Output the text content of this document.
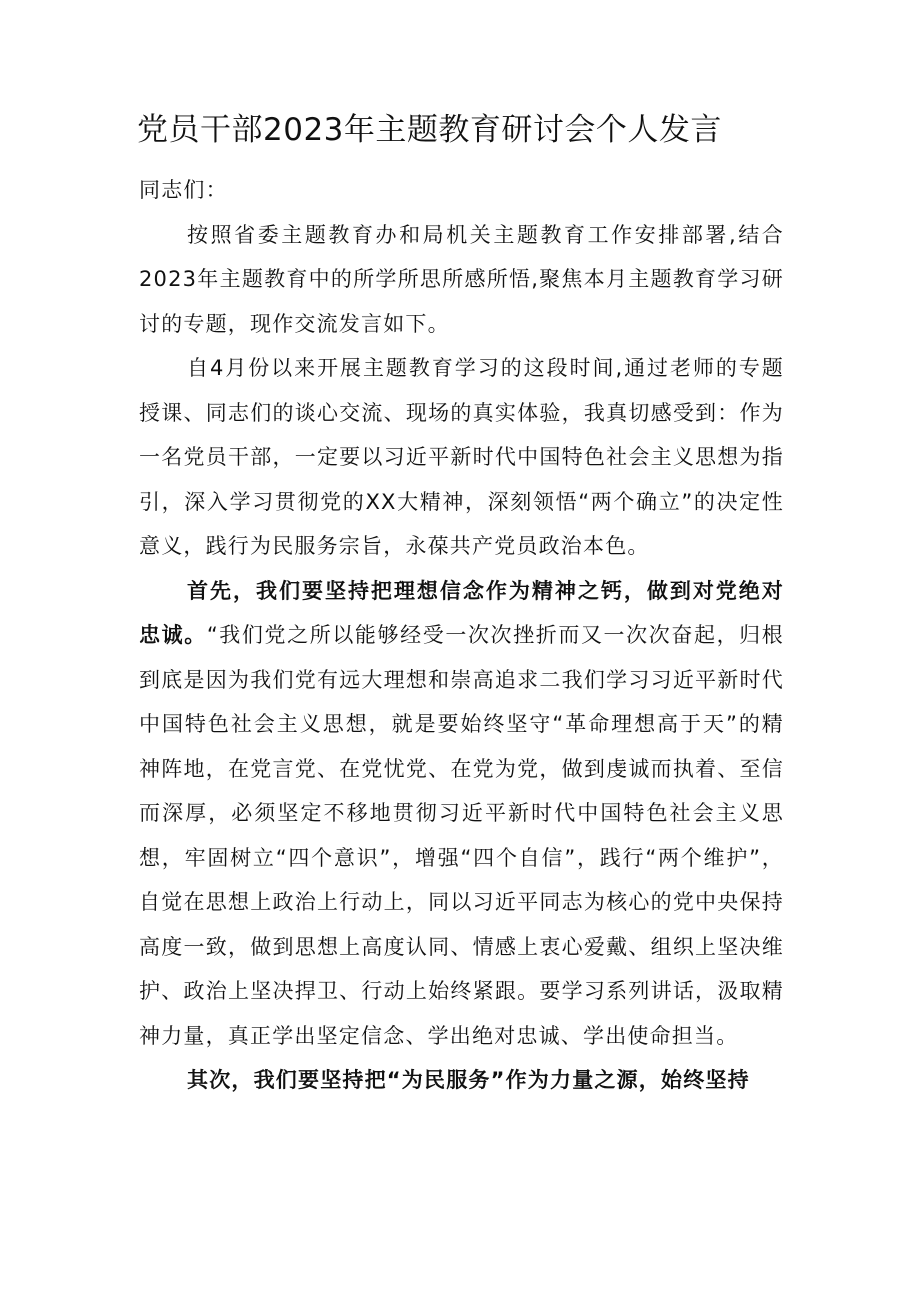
党员干部2023年主题教育研讨会个人发言

同志们：

按照省委主题教育办和局机关主题教育工作安排部署,结合2023年主题教育中的所学所思所感所悟,聚焦本月主题教育学习研讨的专题，现作交流发言如下。

自4月份以来开展主题教育学习的这段时间,通过老师的专题授课、同志们的谈心交流、现场的真实体验，我真切感受到：作为一名党员干部，一定要以习近平新时代中国特色社会主义思想为指引，深入学习贯彻党的XX大精神，深刻领悟“两个确立”的决定性意义，践行为民服务宗旨，永葆共产党员政治本色。

首先，我们要坚持把理想信念作为精神之钙，做到对党绝对忠诚。“我们党之所以能够经受一次次挫折而又一次次奋起，归根到底是因为我们党有远大理想和崇高追求二我们学习习近平新时代中国特色社会主义思想，就是要始终坚守“革命理想高于天”的精神阵地，在党言党、在党忧党、在党为党，做到虔诚而执着、至信而深厚，必须坚定不移地贯彻习近平新时代中国特色社会主义思想，牢固树立“四个意识”，增强“四个自信”，践行“两个维护”，自觉在思想上政治上行动上，同以习近平同志为核心的党中央保持高度一致，做到思想上高度认同、情感上衷心爱戴、组织上坚决维护、政治上坚决捍卫、行动上始终紧跟。要学习系列讲话，汲取精神力量，真正学出坚定信念、学出绝对忠诚、学出使命担当。

其次，我们要坚持把“为民服务”作为力量之源，始终坚持
